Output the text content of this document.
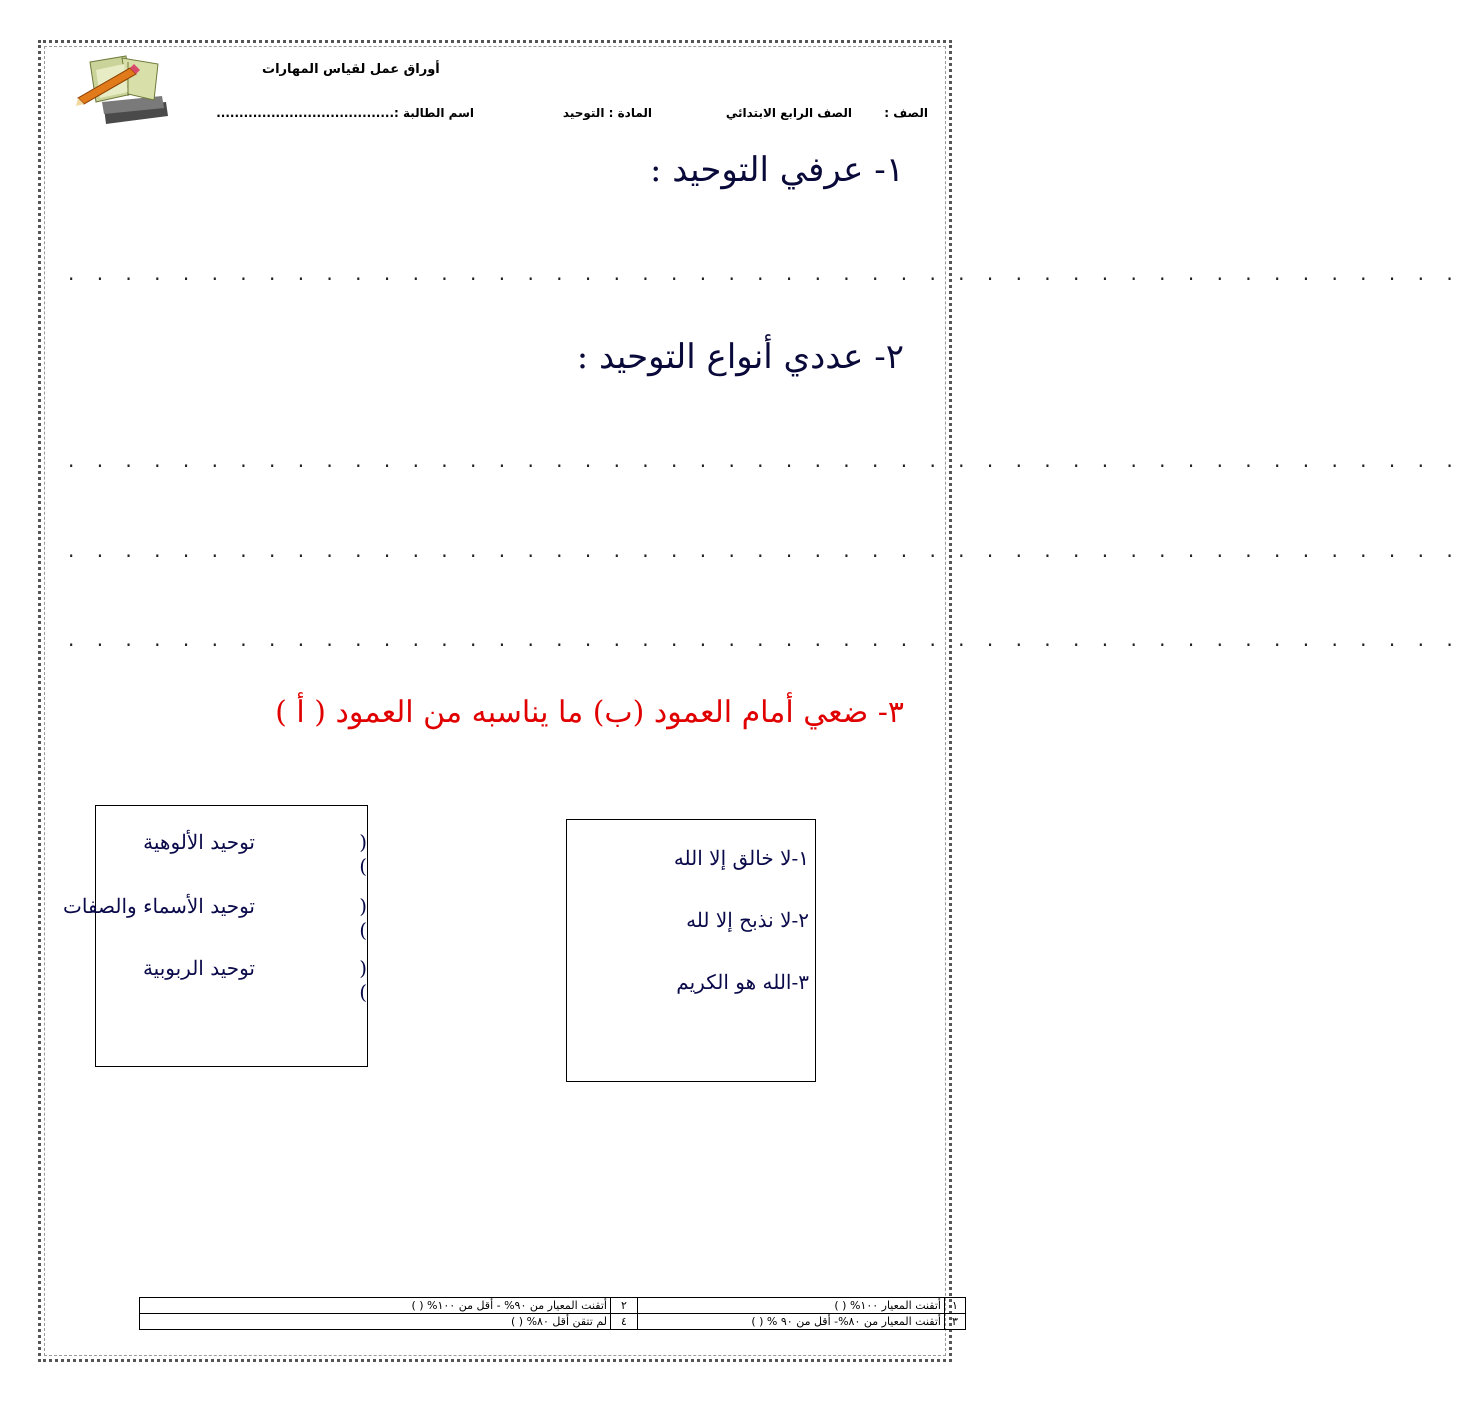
أوراق عمل لقياس المهارات
الصف :
الصف الرابع الابتدائي
المادة : التوحيد
اسم الطالبة :.......................................
١- عرفي التوحيد :
. . . . . . . . . . . . . . . . . . . . . . . . . . . . . . . . . . . . . . . . . . . . . . . . .
٢- عددي أنواع التوحيد :
. . . . . . . . . . . . . . . . . . . . . . . . . . . . . . . . . . . . . . . . . . . . . . . . .
. . . . . . . . . . . . . . . . . . . . . . . . . . . . . . . . . . . . . . . . . . . . . . . . .
. . . . . . . . . . . . . . . . . . . . . . . . . . . . . . . . . . . . . . . . . . . . . . . . .
٣- ضعي أمام العمود (ب) ما يناسبه من العمود ( أ )
( )
توحيد الألوهية
( )
توحيد الأسماء والصفات
( )
توحيد الربوبية
١-لا خالق إلا الله
٢-لا نذبح إلا لله
٣-الله هو الكريم
١	أتقنت المعيار ١٠٠% ( )	٢	أتقنت المعيار من ٩٠% - أقل من ١٠٠% ( )
٣	أتقنت المعيار من ٨٠%- أقل من ٩٠ % ( )	٤	لم تتقن أقل ٨٠% ( )
